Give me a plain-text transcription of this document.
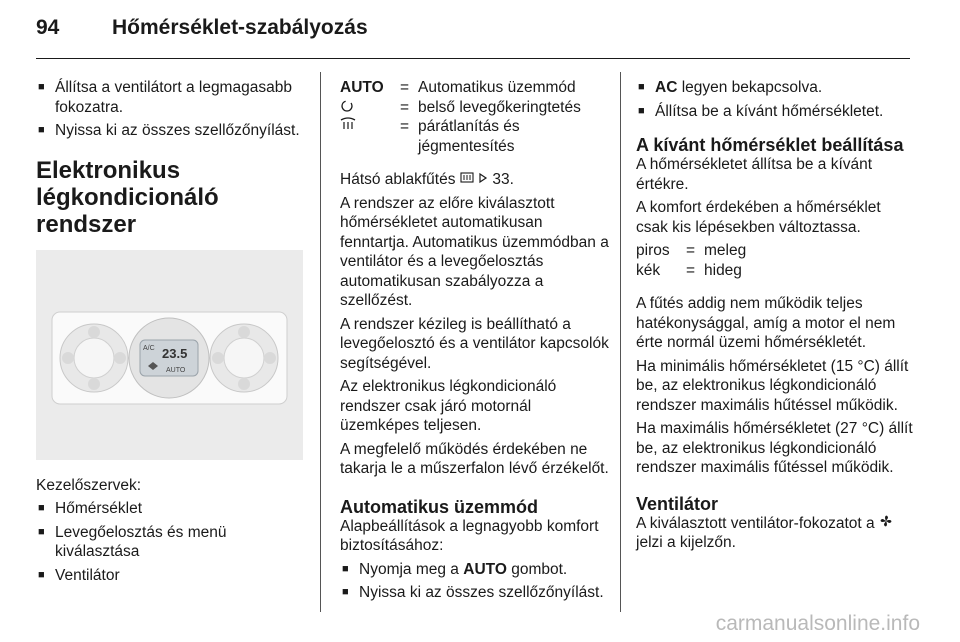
94	Hőmérséklet-szabályozás
■ Állítsa a ventilátort a legmagasabb fokozatra.
■ Nyissa ki az összes szellőzőnyílást.
Elektronikus légkondicionáló rendszer
A/C 23.5
AUTO

Kezelőszervek:

■ Hőmérséklet
■ Levegőelosztás és menü kiválasztása
■ Ventilátor
AUTO	= Automatikus üzemmód
= belső levegőkeringtetés
= párátlanítás és jégmentesítés

Hátsó ablakfűtés 33.

A rendszer az előre kiválasztott hőmérsékletet automatikusan fenntartja. Automatikus üzemmódban a ventilátor és a levegőelosztás automatikusan szabályozza a szellőzést.

A rendszer kézileg is beállítható a levegőelosztó és a ventilátor kapcsolók segítségével.

Az elektronikus légkondicionáló rendszer csak járó motornál üzemképes teljesen.

A megfelelő működés érdekében ne takarja le a műszerfalon lévő érzékelőt.

Automatikus üzemmód

Alapbeállítások a legnagyobb komfort biztosításához:

■ Nyomja meg a AUTO gombot.
■ Nyissa ki az összes szellőzőnyílást.
■ AC legyen bekapcsolva.
■ Állítsa be a kívánt hőmérsékletet.
A kívánt hőmérséklet beállítása

A hőmérsékletet állítsa be a kívánt értékre.

A komfort érdekében a hőmérséklet csak kis lépésekben változtassa.

piros	= meleg
kék	= hideg

A fűtés addig nem működik teljes hatékonysággal, amíg a motor el nem érte normál üzemi hőmérsékletét.

Ha minimális hőmérsékletet (15 °C) állít be, az elektronikus légkondicionáló rendszer maximális hűtéssel működik.

Ha maximális hőmérsékletet (27 °C) állít be, az elektronikus légkondicionáló rendszer maximális fűtéssel működik.

Ventilátor

A kiválasztott ventilátor-fokozatot a  jelzi a kijelzőn.

carmanualsonline.info
